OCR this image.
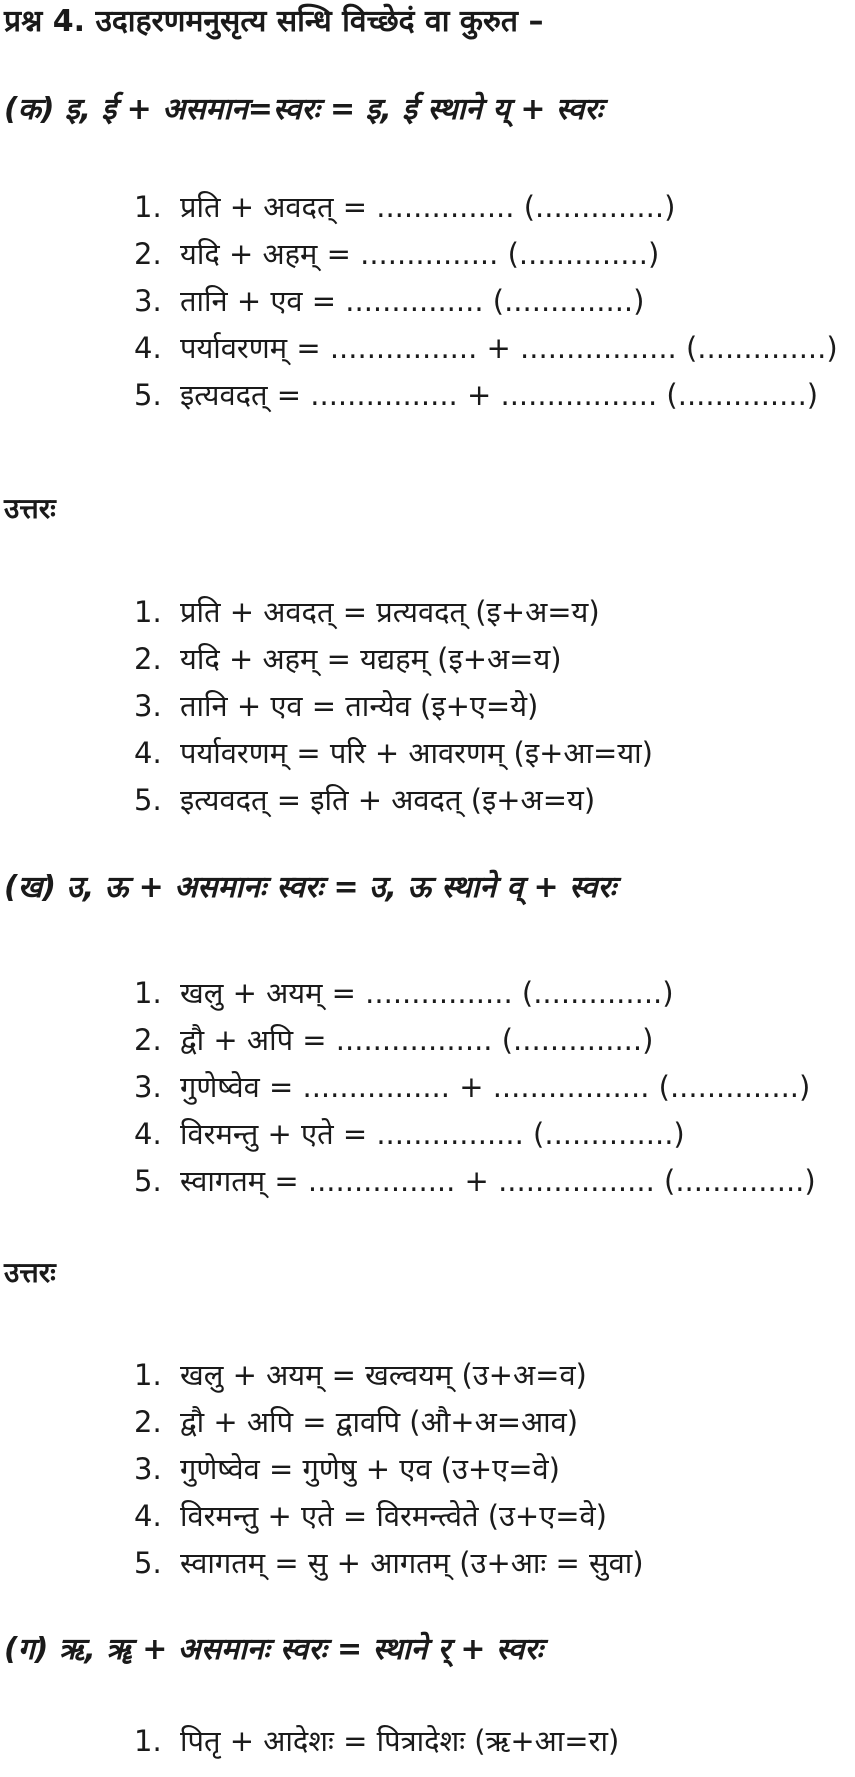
प्रश्न 4. उदाहरणमनुसृत्य सन्धि विच्छेदं वा कुरुत –
(क) इ, ई + असमान=स्वरः = इ, ई स्थाने य् + स्वरः
1. प्रति + अवदत् = ............... (..............)
2. यदि + अहम् = ............... (..............)
3. तानि + एव = ............... (..............)
4. पर्यावरणम् = ................ + ................. (..............)
5. इत्यवदत् = ................ + ................. (..............)
उत्तरः
1. प्रति + अवदत् = प्रत्यवदत् (इ+अ=य)
2. यदि + अहम् = यद्यहम् (इ+अ=य)
3. तानि + एव = तान्येव (इ+ए=ये)
4. पर्यावरणम् = परि + आवरणम् (इ+आ=या)
5. इत्यवदत् = इति + अवदत् (इ+अ=य)
(ख) उ, ऊ + असमानः स्वरः = उ, ऊ स्थाने व् + स्वरः
1. खलु + अयम् = ................ (..............)
2. द्वौ + अपि = ................. (..............)
3. गुणेष्वेव = ................ + ................. (..............)
4. विरमन्तु + एते = ................ (..............)
5. स्वागतम् = ................ + ................. (..............)
उत्तरः
1. खलु + अयम् = खल्वयम् (उ+अ=व)
2. द्वौ + अपि = द्वावपि (औ+अ=आव)
3. गुणेष्वेव = गुणेषु + एव (उ+ए=वे)
4. विरमन्तु + एते = विरमन्त्वेते (उ+ए=वे)
5. स्वागतम् = सु + आगतम् (उ+आः = सुवा)
(ग) ऋ, ॠ + असमानः स्वरः = स्थाने र् + स्वरः
1. पितृ + आदेशः = पित्रादेशः (ऋ+आ=रा)
